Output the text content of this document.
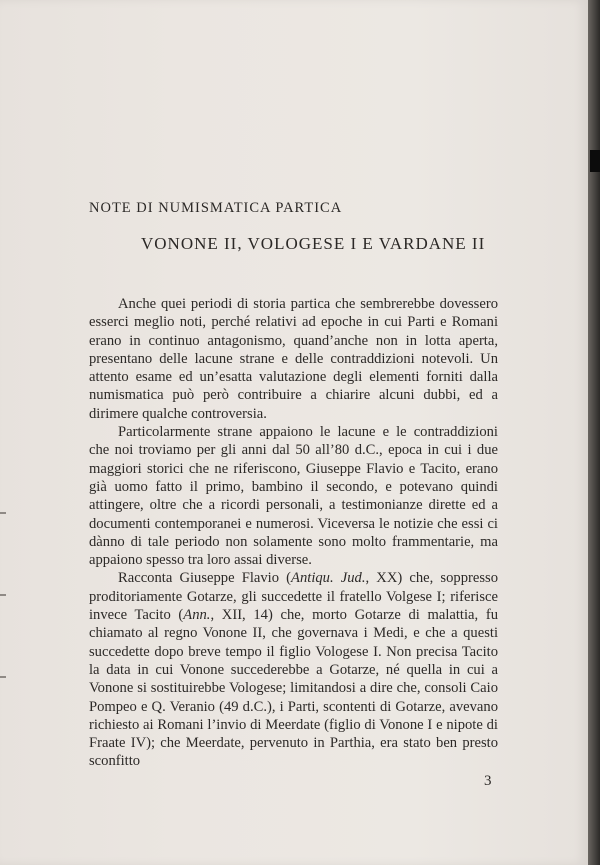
NOTE DI NUMISMATICA PARTICA
VONONE II, VOLOGESE I E VARDANE II

Anche quei periodi di storia partica che sembrerebbe dovessero esserci meglio noti, perché relativi ad epoche in cui Parti e Romani erano in continuo antagonismo, quand’anche non in lotta aperta, presentano delle lacune strane e delle contraddizioni notevoli. Un attento esame ed un’esatta valutazione degli elementi forniti dalla numismatica può però contribuire a chiarire alcuni dubbi, ed a dirimere qualche controversia.

Particolarmente strane appaiono le lacune e le contraddizioni che noi troviamo per gli anni dal 50 all’80 d.C., epoca in cui i due maggiori storici che ne riferiscono, Giuseppe Flavio e Tacito, erano già uomo fatto il primo, bambino il secondo, e potevano quindi attingere, oltre che a ricordi personali, a testimonianze dirette ed a documenti contemporanei e numerosi. Viceversa le notizie che essi ci dànno di tale periodo non solamente sono molto frammentarie, ma appaiono spesso tra loro assai diverse.

Racconta Giuseppe Flavio (Antiqu. Jud., XX) che, soppresso proditoriamente Gotarze, gli succedette il fratello Volgese I; riferisce invece Tacito (Ann., XII, 14) che, morto Gotarze di malattia, fu chiamato al regno Vonone II, che governava i Medi, e che a questi succedette dopo breve tempo il figlio Vologese I. Non precisa Tacito la data in cui Vonone succederebbe a Gotarze, né quella in cui a Vonone si sostituirebbe Vologese; limitandosi a dire che, consoli Caio Pompeo e Q. Veranio (49 d.C.), i Parti, scontenti di Gotarze, avevano richiesto ai Romani l’invio di Meerdate (figlio di Vonone I e nipote di Fraate IV); che Meerdate, pervenuto in Parthia, era stato ben presto sconfitto

3
